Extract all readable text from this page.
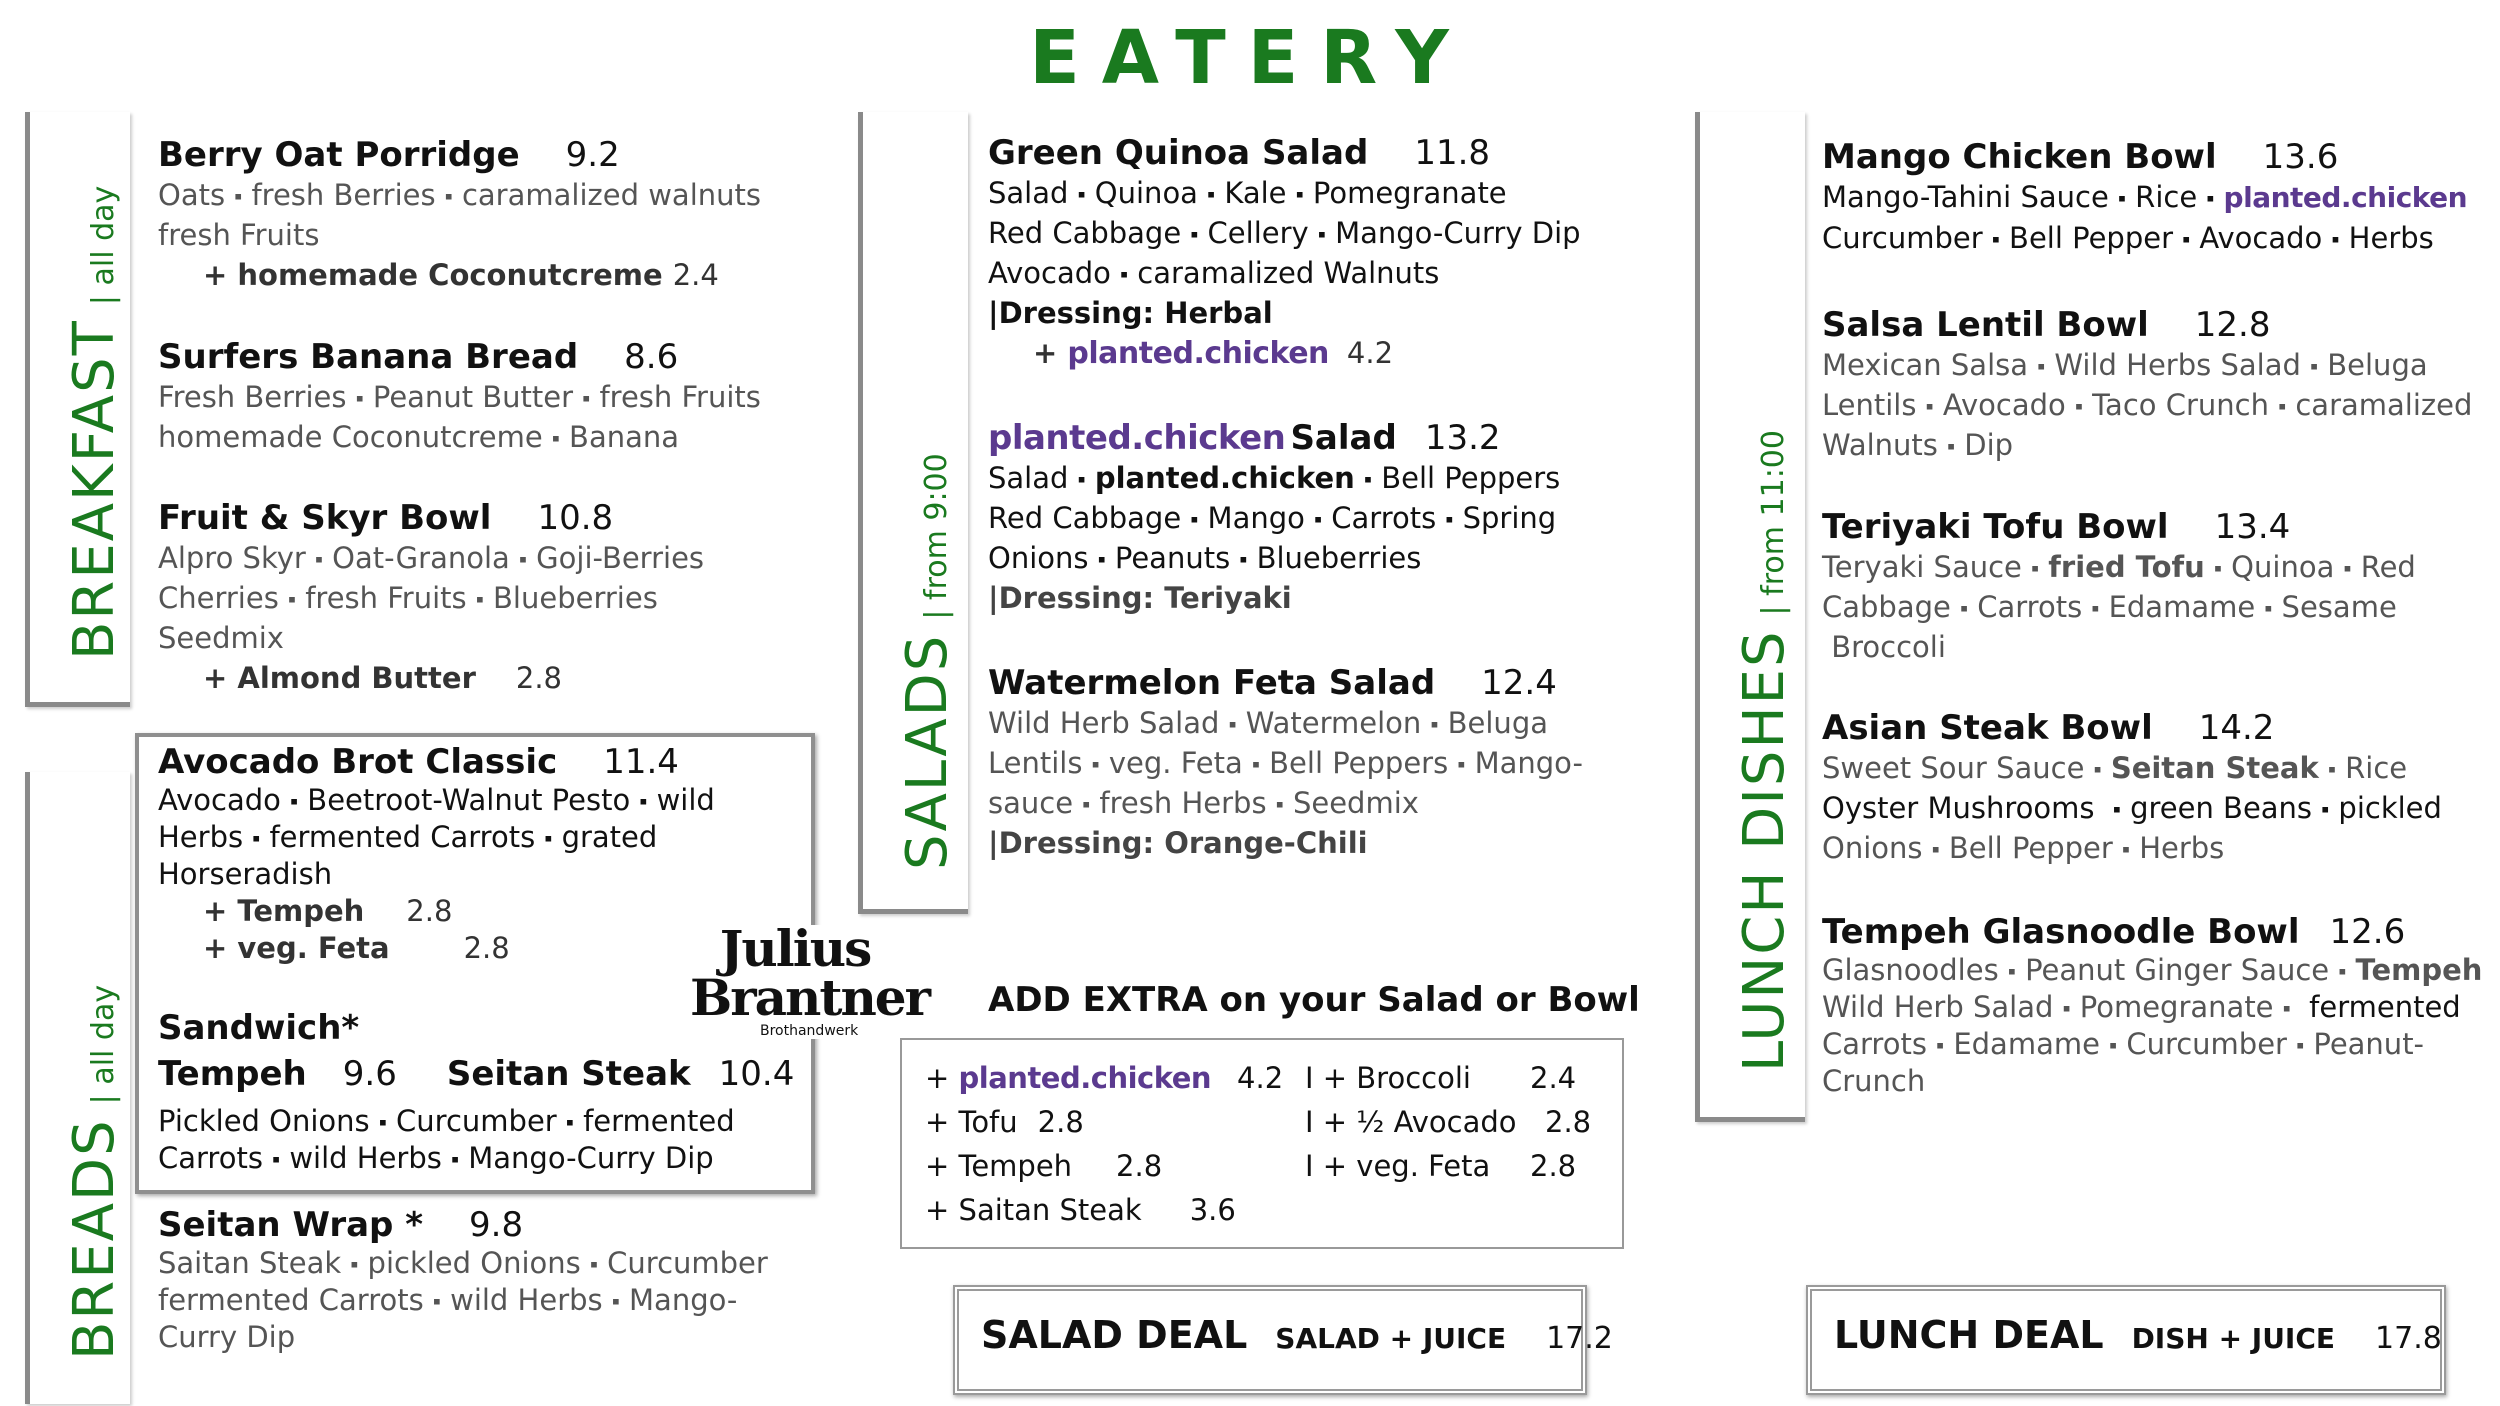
EATERY
BREAKFAST| all day
Berry Oat Porridge 9.2
Oats ⬝ fresh Berries ⬝ caramalized walnuts
fresh Fruits
+ homemade Coconutcreme 2.4
Surfers Banana Bread 8.6
Fresh Berries ⬝ Peanut Butter ⬝ fresh Fruits
homemade Coconutcreme ⬝ Banana
Fruit & Skyr Bowl 10.8
Alpro Skyr ⬝ Oat-Granola ⬝ Goji-Berries
Cherries ⬝ fresh Fruits ⬝ Blueberries
Seedmix
+ Almond Butter 2.8
BREADS| all day
Avocado Brot Classic 11.4
Avocado ⬝ Beetroot-Walnut Pesto ⬝ wild
Herbs ⬝ fermented Carrots ⬝ grated
Horseradish
+ Tempeh 2.8
+ veg. Feta	2.8
Sandwich*
Tempeh 9.6 Seitan Steak 10.4
Pickled Onions ⬝ Curcumber ⬝ fermented
Carrots ⬝ wild Herbs ⬝ Mango-Curry Dip
Seitan Wrap * 9.8
Saitan Steak ⬝ pickled Onions ⬝ Curcumber
fermented Carrots ⬝ wild Herbs ⬝ Mango-
Curry Dip
Julius
Brantner
Brothandwerk
SALADS| from 9:00
Green Quinoa Salad 11.8
Salad ⬝ Quinoa ⬝ Kale ⬝ Pomegranate
Red Cabbage ⬝ Cellery ⬝ Mango-Curry Dip
Avocado ⬝ caramalized Walnuts
|Dressing: Herbal
+ planted.chicken 4.2
planted.chicken Salad 13.2
Salad ⬝ planted.chicken ⬝ Bell Peppers
Red Cabbage ⬝ Mango ⬝ Carrots ⬝ Spring
Onions ⬝ Peanuts ⬝ Blueberries
|Dressing: Teriyaki
Watermelon Feta Salad 12.4
Wild Herb Salad ⬝ Watermelon ⬝ Beluga
Lentils ⬝ veg. Feta ⬝ Bell Peppers ⬝ Mango-
sauce ⬝ fresh Herbs ⬝ Seedmix
|Dressing: Orange-Chili
ADD EXTRA on your Salad or Bowl
+ planted.chicken 4.2
+ Tofu 2.8
+ Tempeh 2.8
+ Saitan Steak 3.6
I + Broccoli 2.4
I + ½ Avocado 2.8
I + veg. Feta 2.8
SALAD DEAL SALAD + JUICE 17.2
LUNCH DISHES| from 11:00
Mango Chicken Bowl 13.6
Mango-Tahini Sauce ⬝ Rice ⬝ planted.chicken
Curcumber ⬝ Bell Pepper ⬝ Avocado ⬝ Herbs
Salsa Lentil Bowl 12.8
Mexican Salsa ⬝ Wild Herbs Salad ⬝ Beluga
Lentils ⬝ Avocado ⬝ Taco Crunch ⬝ caramalized
Walnuts ⬝ Dip
Teriyaki Tofu Bowl 13.4
Teryaki Sauce ⬝ fried Tofu ⬝ Quinoa ⬝ Red
Cabbage ⬝ Carrots ⬝ Edamame ⬝ Sesame
Broccoli
Asian Steak Bowl 14.2
Sweet Sour Sauce ⬝ Seitan Steak ⬝ Rice
Oyster Mushrooms  ⬝ green Beans ⬝ pickled
Onions ⬝ Bell Pepper ⬝ Herbs
Tempeh Glasnoodle Bowl 12.6
Glasnoodles ⬝ Peanut Ginger Sauce ⬝ Tempeh
Wild Herb Salad ⬝ Pomegranate ⬝  fermented
Carrots ⬝ Edamame ⬝ Curcumber ⬝ Peanut-
Crunch
LUNCH DEAL DISH + JUICE 17.8
